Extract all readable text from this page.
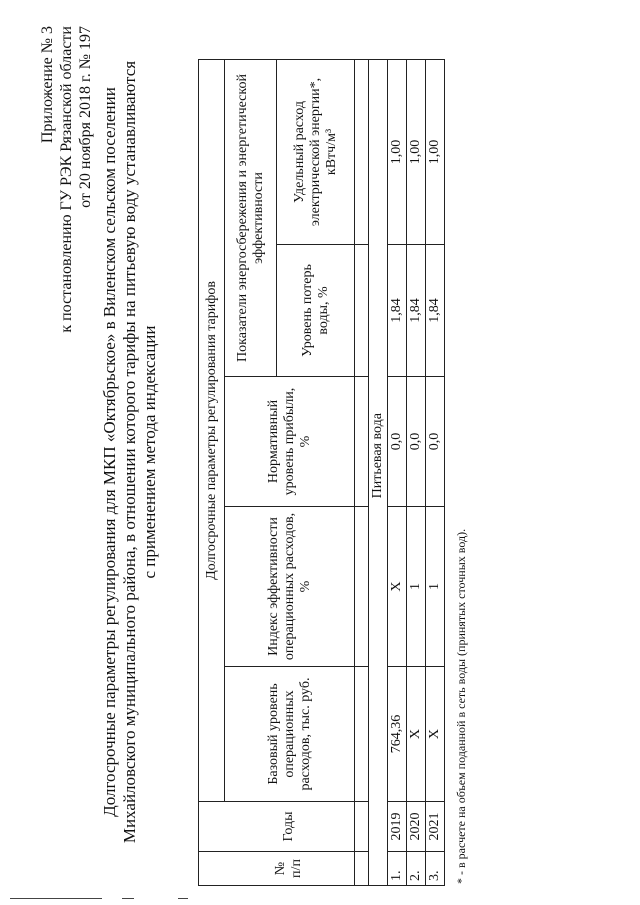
Приложение № 3 к постановлению ГУ РЭК Рязанской области от 20 ноября 2018 г. № 197 Долгосрочные параметры регулирования для МКП «Октябрьское» в Виленском сельском поселении Михайловского муниципального района, в отношении которого тарифы на питьевую воду устанавливаются с применением метода индексации
			Долгосрочные параметры регулирования тарифов				
№ п/п	Годы	Базовый уровень операционных расходов, тыс. руб.	Индекс эффективности операционных расходов, %	Нормативный уровень прибыли, %	Показатели энергосбережения и энергетической эффективности	
					Уровень потерь воды, %	Удельный расход электрической энергии*, кВтч/м³

	Питьевая вода					
1.	2019	764,36	Х	0,0	1,84	1,00
2.	2020	Х	1	0,0	1,84	1,00
3.	2021	Х	1	0,0	1,84	1,00
* - в расчете на объем поданной в сеть воды (принятых сточных вод).
